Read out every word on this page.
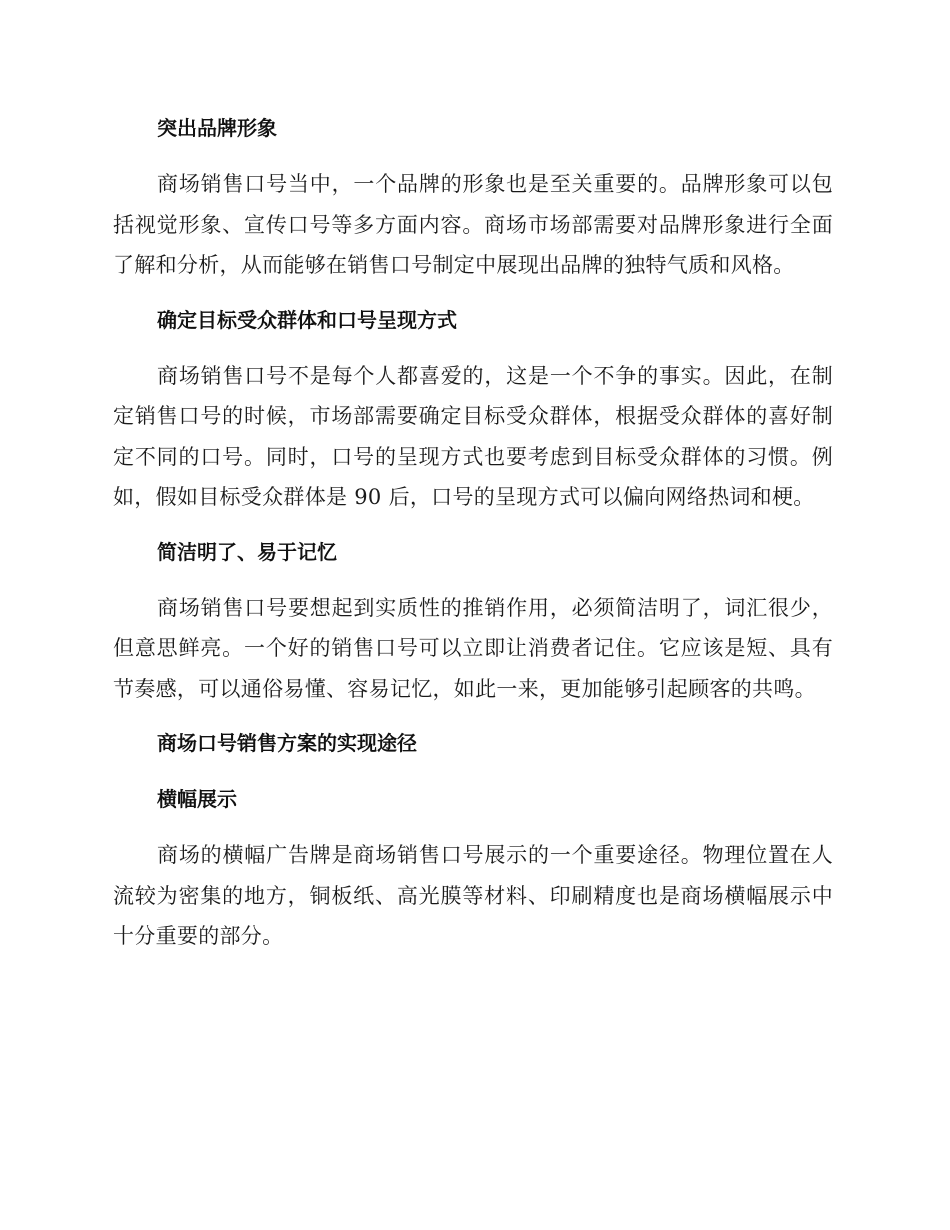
突出品牌形象

商场销售口号当中，一个品牌的形象也是至关重要的。品牌形象可以包括视觉形象、宣传口号等多方面内容。商场市场部需要对品牌形象进行全面了解和分析，从而能够在销售口号制定中展现出品牌的独特气质和风格。

确定目标受众群体和口号呈现方式

商场销售口号不是每个人都喜爱的，这是一个不争的事实。因此，在制定销售口号的时候，市场部需要确定目标受众群体，根据受众群体的喜好制定不同的口号。同时，口号的呈现方式也要考虑到目标受众群体的习惯。例如，假如目标受众群体是 90 后，口号的呈现方式可以偏向网络热词和梗。

简洁明了、易于记忆

商场销售口号要想起到实质性的推销作用，必须简洁明了，词汇很少，但意思鲜亮。一个好的销售口号可以立即让消费者记住。它应该是短、具有节奏感，可以通俗易懂、容易记忆，如此一来，更加能够引起顾客的共鸣。

商场口号销售方案的实现途径
横幅展示

商场的横幅广告牌是商场销售口号展示的一个重要途径。物理位置在人流较为密集的地方，铜板纸、高光膜等材料、印刷精度也是商场横幅展示中十分重要的部分。
